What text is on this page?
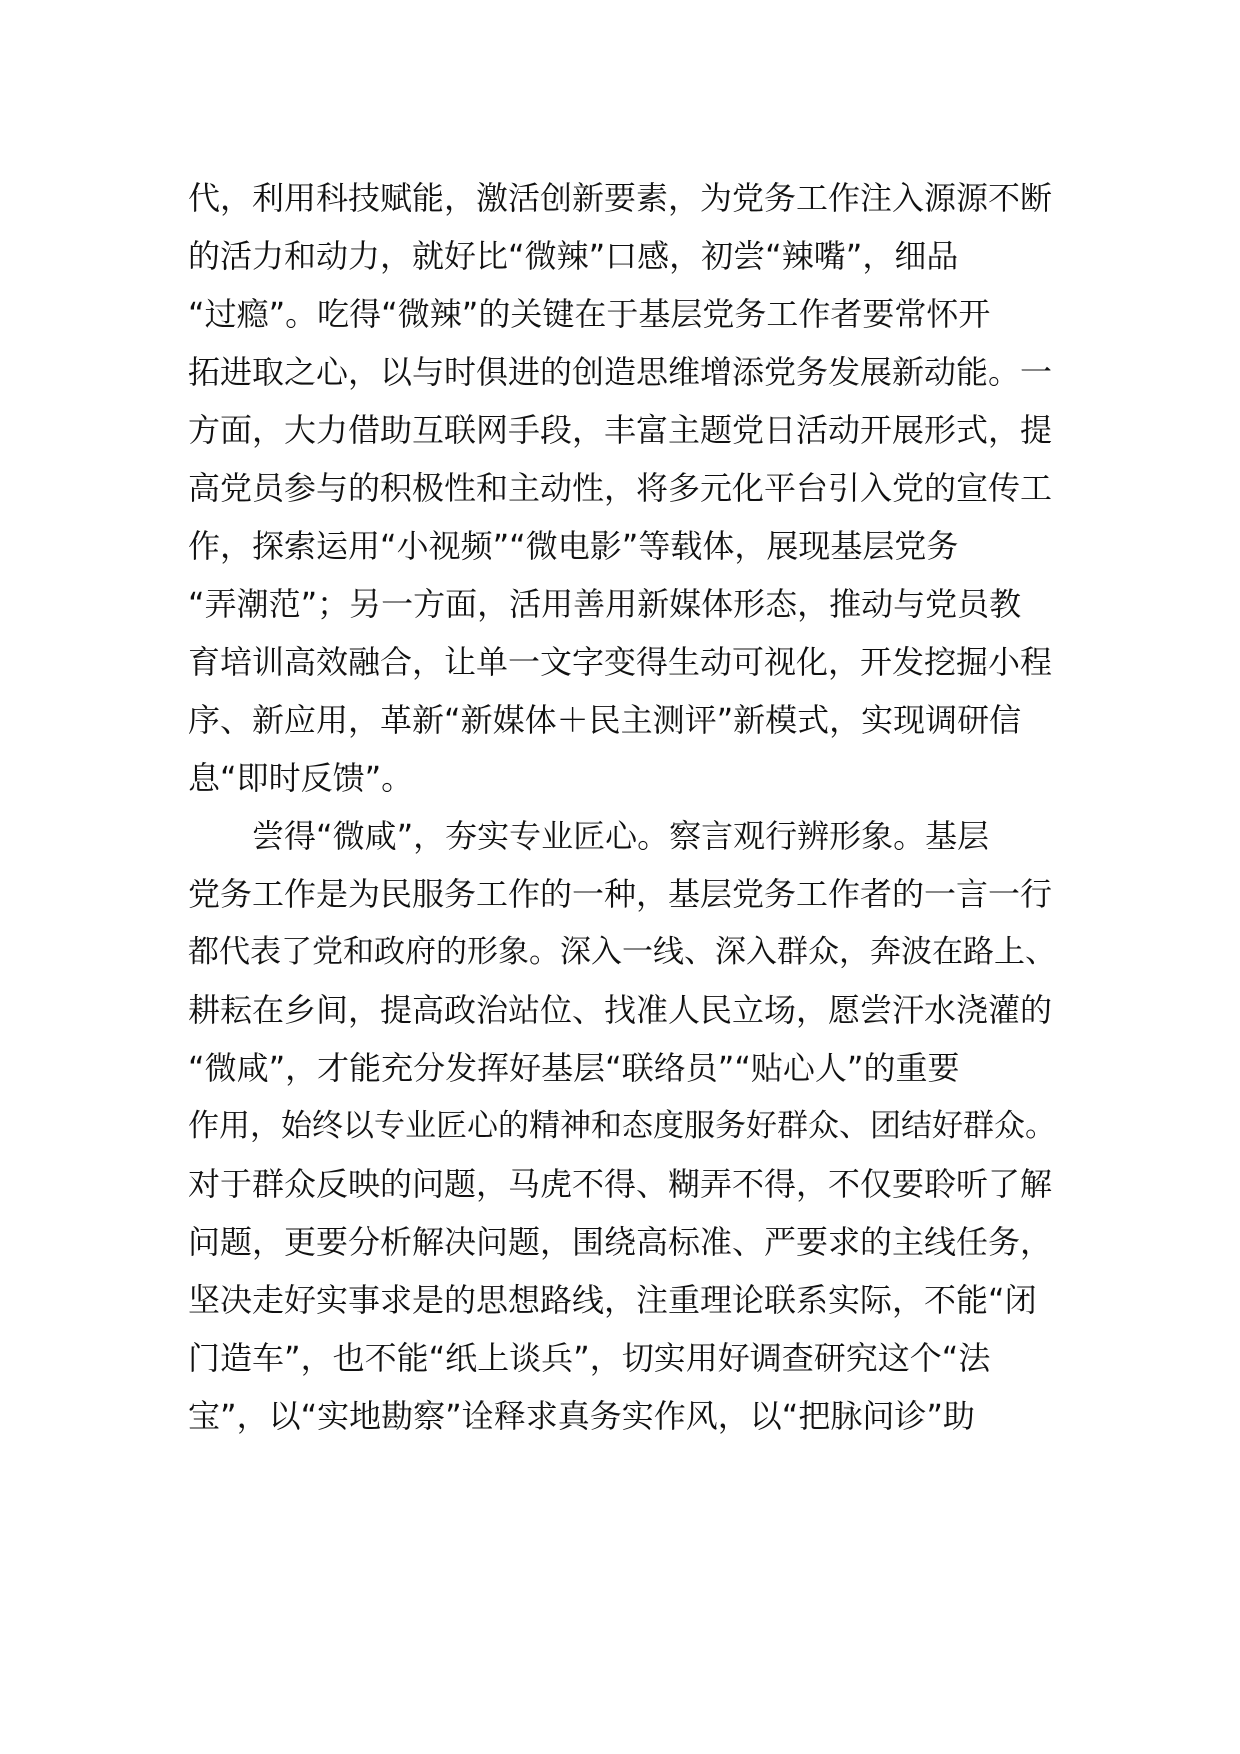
代，利用科技赋能，激活创新要素，为党务工作注入源源不断
的活力和动力，就好比“微辣”口感，初尝“辣嘴”，细品
“过瘾”。吃得“微辣”的关键在于基层党务工作者要常怀开
拓进取之心，以与时俱进的创造思维增添党务发展新动能。一
方面，大力借助互联网手段，丰富主题党日活动开展形式，提
高党员参与的积极性和主动性，将多元化平台引入党的宣传工
作，探索运用“小视频”“微电影”等载体，展现基层党务
“弄潮范”；另一方面，活用善用新媒体形态，推动与党员教
育培训高效融合，让单一文字变得生动可视化，开发挖掘小程
序、新应用，革新“新媒体＋民主测评”新模式，实现调研信
息“即时反馈”。
　　尝得“微咸”，夯实专业匠心。察言观行辨形象。基层
党务工作是为民服务工作的一种，基层党务工作者的一言一行
都代表了党和政府的形象。深入一线、深入群众，奔波在路上、
耕耘在乡间，提高政治站位、找准人民立场，愿尝汗水浇灌的
“微咸”，才能充分发挥好基层“联络员”“贴心人”的重要
作用，始终以专业匠心的精神和态度服务好群众、团结好群众。
对于群众反映的问题，马虎不得、糊弄不得，不仅要聆听了解
问题，更要分析解决问题，围绕高标准、严要求的主线任务，
坚决走好实事求是的思想路线，注重理论联系实际，不能“闭
门造车”，也不能“纸上谈兵”，切实用好调查研究这个“法
宝”，以“实地勘察”诠释求真务实作风，以“把脉问诊”助
